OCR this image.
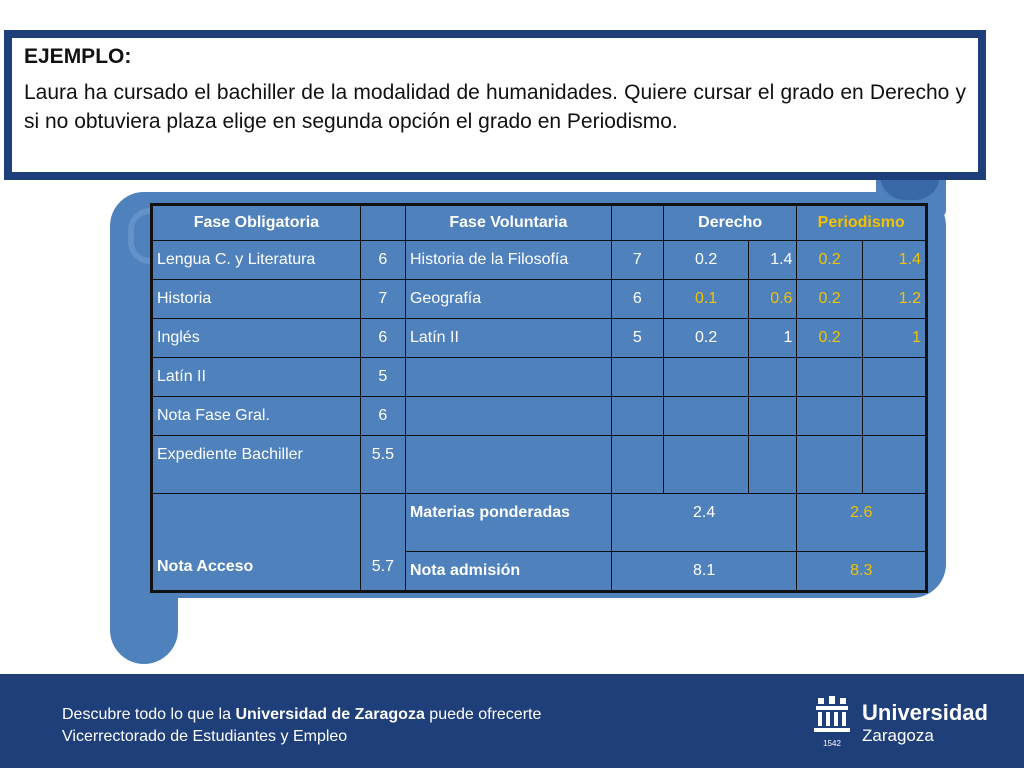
EJEMPLO:

Laura ha cursado el bachiller de la modalidad de humanidades. Quiere cursar el grado en Derecho y si no obtuviera plaza elige en segunda opción el grado en Periodismo.

Fase Obligatoria		Fase Voluntaria		Derecho		Periodismo	
Lengua C. y Literatura	6	Historia de la Filosofía	7	0.2	1.4	0.2	1.4
Historia	7	Geografía	6	0.1	0.6	0.2	1.2
Inglés	6	Latín II	5	0.2	1	0.2	1
Latín II	5						
Nota Fase Gral.	6						
Expediente Bachiller	5.5						
Nota Acceso	5.7	Materias ponderadas	2.4			2.6	
		Nota admisión	8.1			8.3	
Descubre todo lo que la Universidad de Zaragoza puede ofrecerte
Vicerrectorado de Estudiantes y Empleo	1542
Universidad
Zaragoza
